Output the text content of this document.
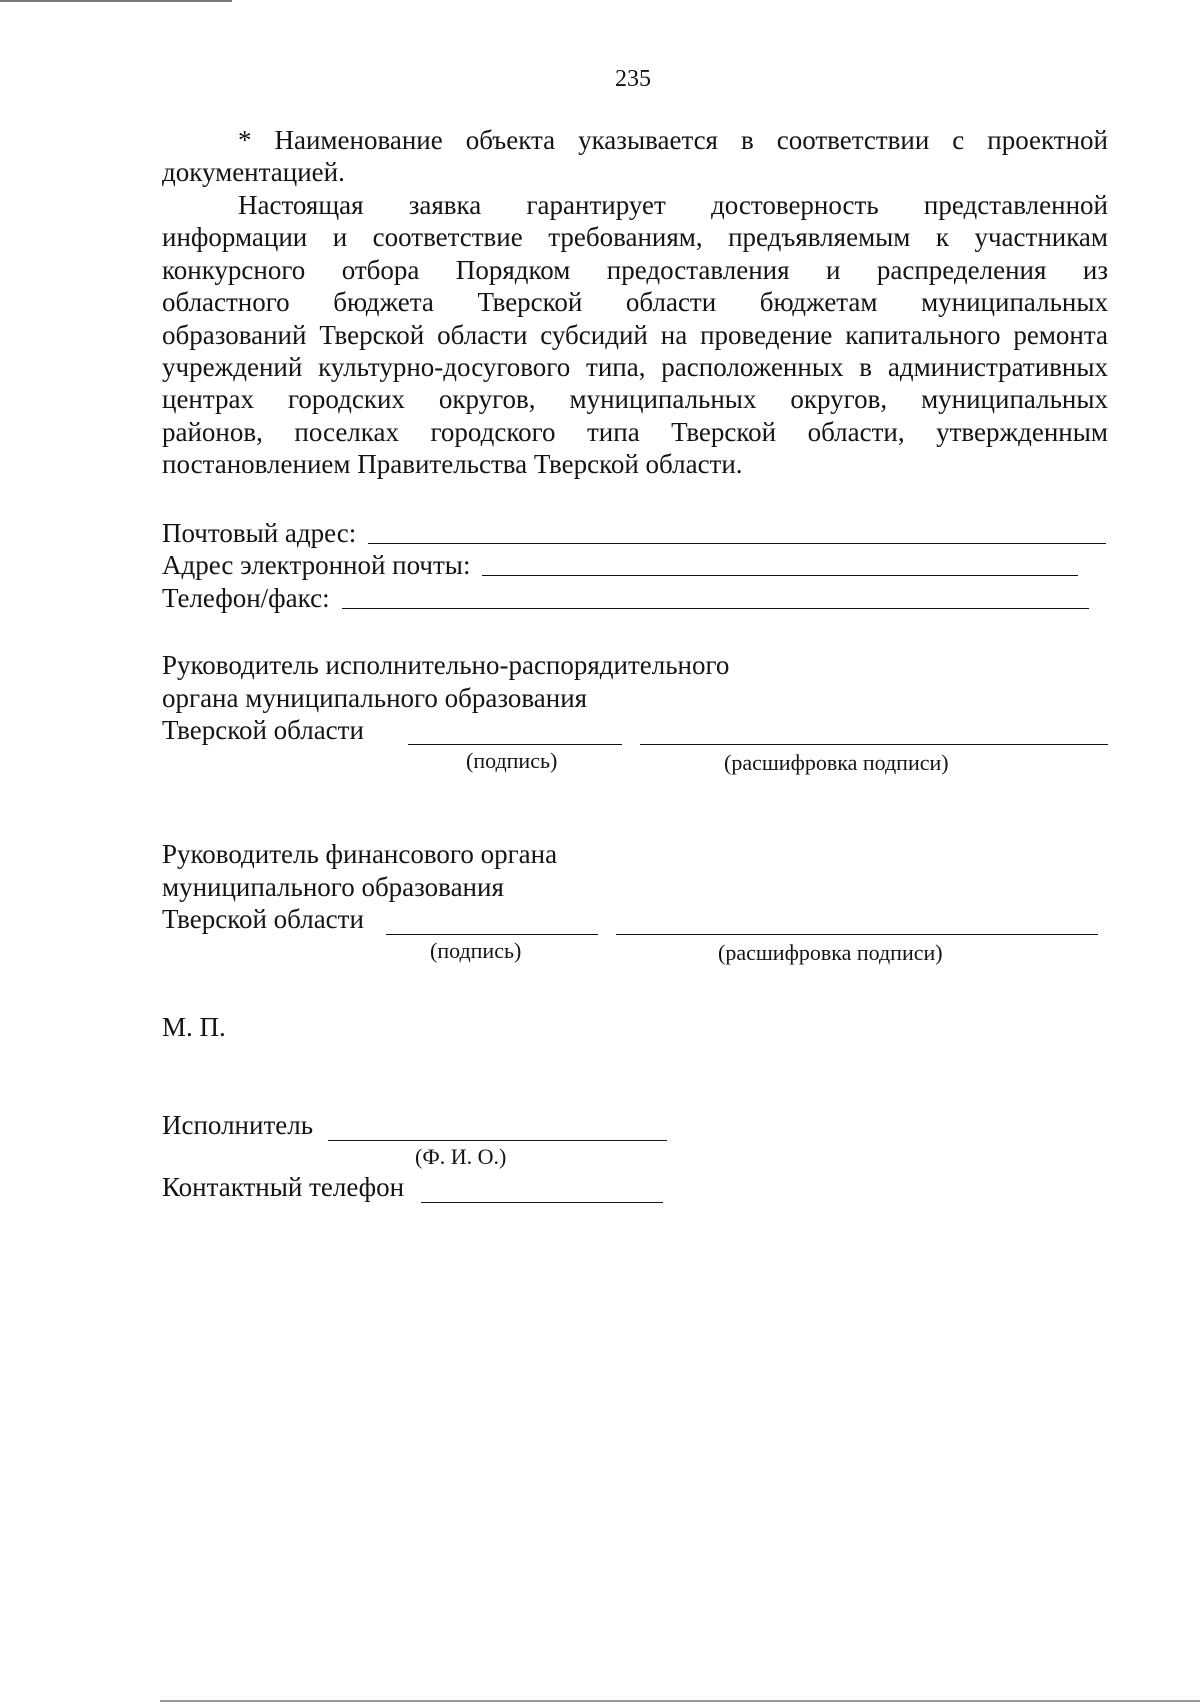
235

* Наименование объекта указывается в соответствии с проектной
документацией.

Настоящая заявка гарантирует достоверность представленной
информации и соответствие требованиям, предъявляемым к участникам
конкурсного отбора Порядком предоставления и распределения из
областного бюджета Тверской области бюджетам муниципальных
образований Тверской области субсидий на проведение капитального ремонта
учреждений культурно-досугового типа, расположенных в административных
центрах городских округов, муниципальных округов, муниципальных
районов, поселках городского типа Тверской области, утвержденным
постановлением Правительства Тверской области.

Почтовый адрес:
Адрес электронной почты:
Телефон/факс:
Руководитель исполнительно-распорядительного
органа муниципального образования
Тверской области
(подпись)	(расшифровка подписи)
Руководитель финансового органа
муниципального образования
Тверской области
(подпись)	(расшифровка подписи)
М. П.
Исполнитель
(Ф. И. О.)
Контактный телефон
